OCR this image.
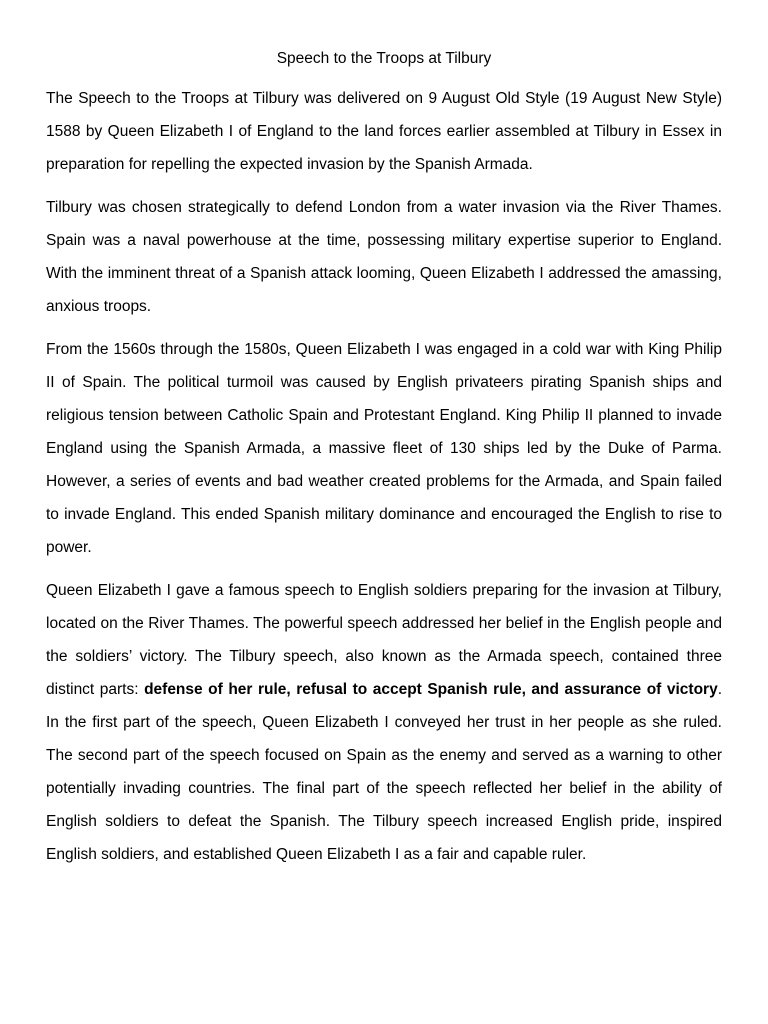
Speech to the Troops at Tilbury

The Speech to the Troops at Tilbury was delivered on 9 August Old Style (19 August New Style) 1588 by Queen Elizabeth I of England to the land forces earlier assembled at Tilbury in Essex in preparation for repelling the expected invasion by the Spanish Armada.

Tilbury was chosen strategically to defend London from a water invasion via the River Thames. Spain was a naval powerhouse at the time, possessing military expertise superior to England. With the imminent threat of a Spanish attack looming, Queen Elizabeth I addressed the amassing, anxious troops.

From the 1560s through the 1580s, Queen Elizabeth I was engaged in a cold war with King Philip II of Spain. The political turmoil was caused by English privateers pirating Spanish ships and religious tension between Catholic Spain and Protestant England. King Philip II planned to invade England using the Spanish Armada, a massive fleet of 130 ships led by the Duke of Parma. However, a series of events and bad weather created problems for the Armada, and Spain failed to invade England. This ended Spanish military dominance and encouraged the English to rise to power.

Queen Elizabeth I gave a famous speech to English soldiers preparing for the invasion at Tilbury, located on the River Thames. The powerful speech addressed her belief in the English people and the soldiers’ victory. The Tilbury speech, also known as the Armada speech, contained three distinct parts: defense of her rule, refusal to accept Spanish rule, and assurance of victory. In the first part of the speech, Queen Elizabeth I conveyed her trust in her people as she ruled. The second part of the speech focused on Spain as the enemy and served as a warning to other potentially invading countries. The final part of the speech reflected her belief in the ability of English soldiers to defeat the Spanish. The Tilbury speech increased English pride, inspired English soldiers, and established Queen Elizabeth I as a fair and capable ruler.
